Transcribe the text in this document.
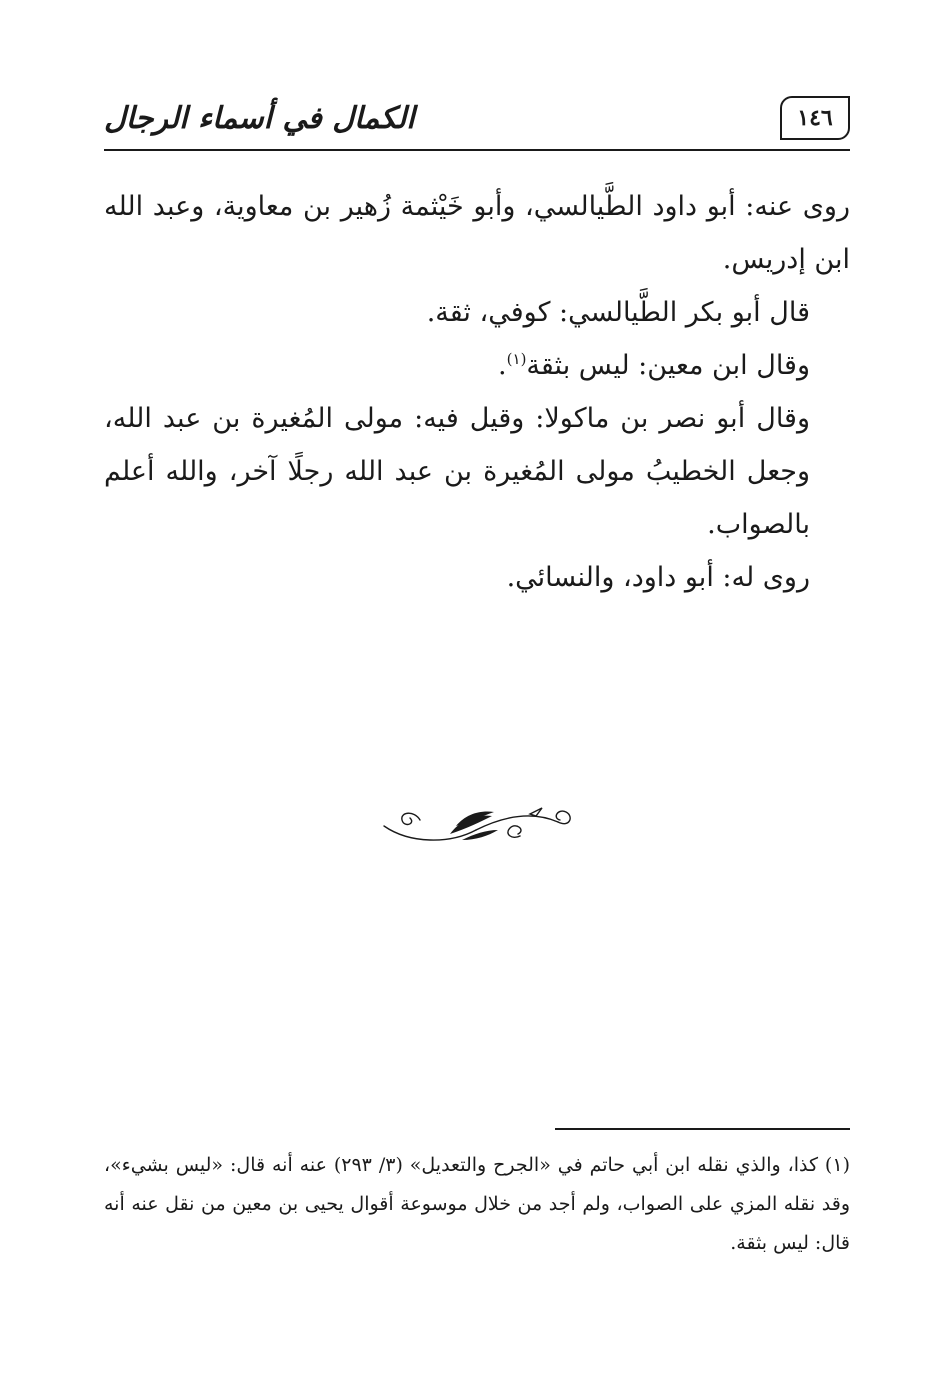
الكمال في أسماء الرجال	١٤٦

روى عنه: أبو داود الطَّيالسي، وأبو خَيْثمة زُهير بن معاوية، وعبد الله ابن إدريس.

قال أبو بكر الطَّيالسي: كوفي، ثقة.

وقال ابن معين: ليس بثقة$^{(١)}$.

وقال أبو نصر بن ماكولا: وقيل فيه: مولى المُغيرة بن عبد الله، وجعل الخطيبُ مولى المُغيرة بن عبد الله رجلًا آخر، والله أعلم بالصواب.

روى له: أبو داود، والنسائي.

(١) كذا، والذي نقله ابن أبي حاتم في «الجرح والتعديل» (٣/ ٢٩٣) عنه أنه قال: «ليس بشيء»، وقد نقله المزي على الصواب، ولم أجد من خلال موسوعة أقوال يحيى بن معين من نقل عنه أنه قال: ليس بثقة.
